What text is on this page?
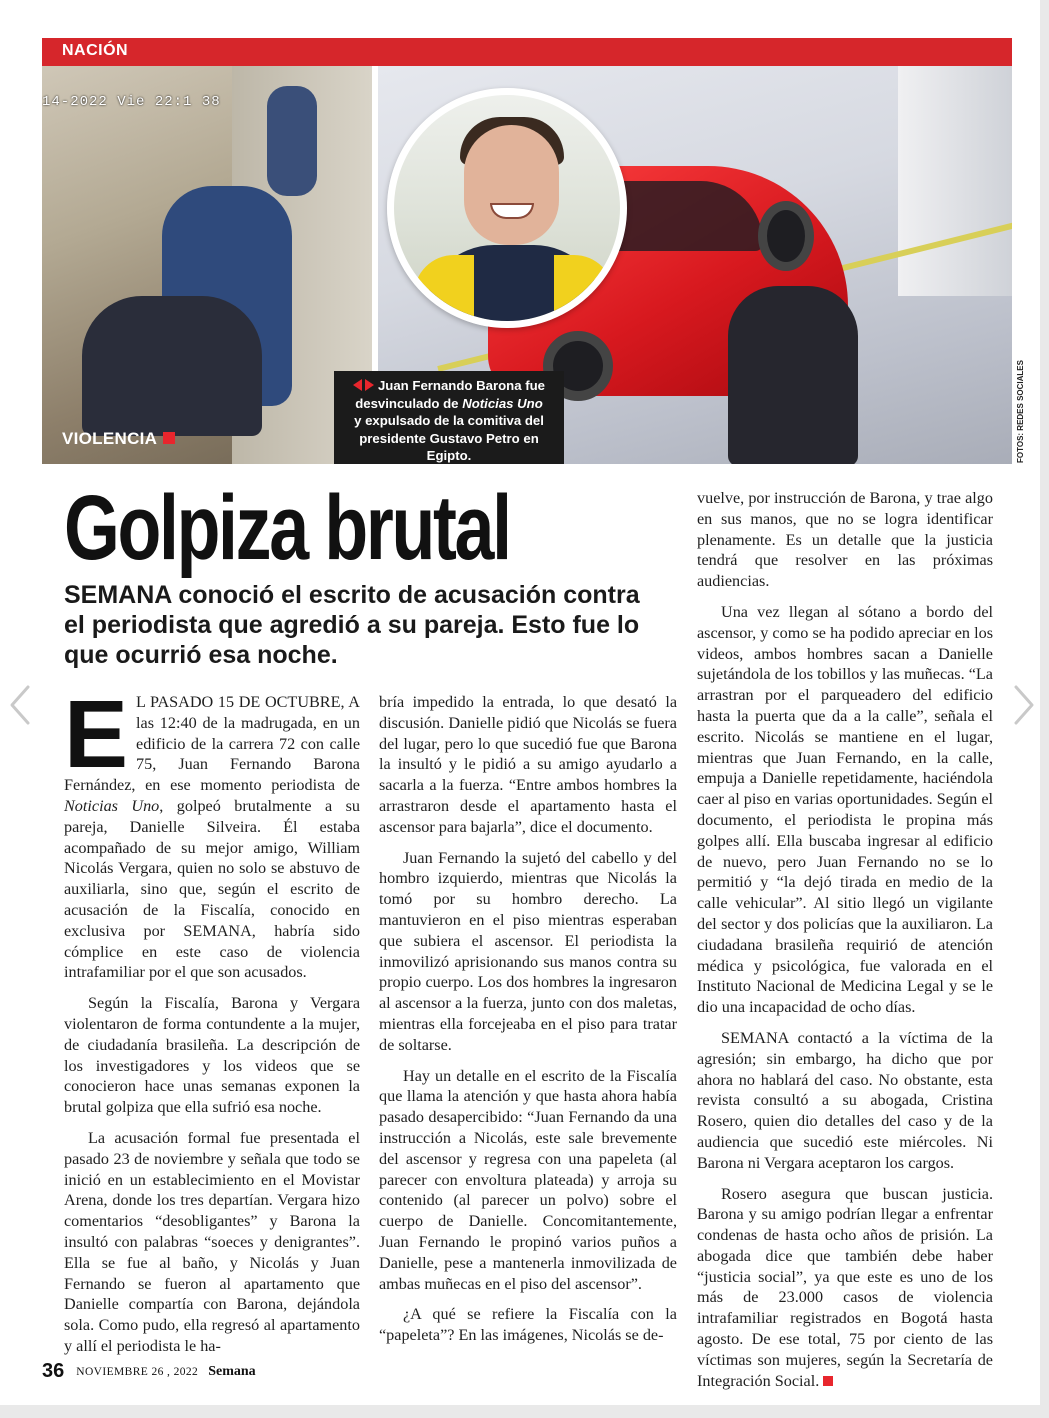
NACIÓN
14-2022 Vie 22:1 38
Juan Fernando Barona fue
desvinculado de Noticias Uno
y expulsado de la comitiva del
presidente Gustavo Petro en Egipto.
VIOLENCIA	FOTOS: REDES SOCIALES
Golpiza brutal
SEMANA conoció el escrito de acusación contra el periodista que agredió a su pareja. Esto fue lo que ocurrió esa noche.

E L PASADO 15 DE OCTUBRE, A las 12:40 de la madrugada, en un edificio de la carrera 72 con calle 75, Juan Fernando Barona Fernández, en ese momento periodista de Noticias Uno, golpeó brutalmente a su pareja, Danielle Silveira. Él estaba acompañado de su mejor amigo, William Nicolás Vergara, quien no solo se abstuvo de auxiliarla, sino que, según el escrito de acusación de la Fiscalía, conocido en exclusiva por SEMANA, habría sido cómplice en este caso de violencia intrafamiliar por el que son acusados.

Según la Fiscalía, Barona y Vergara violentaron de forma contundente a la mujer, de ciudadanía brasileña. La descripción de los investigadores y los videos que se conocieron hace unas semanas exponen la brutal golpiza que ella sufrió esa noche.

La acusación formal fue presentada el pasado 23 de noviembre y señala que todo se inició en un establecimiento en el Movistar Arena, donde los tres departían. Vergara hizo comentarios “desobligantes” y Barona la insultó con palabras “soeces y denigrantes”. Ella se fue al baño, y Nicolás y Juan Fernando se fueron al apartamento que Danielle compartía con Barona, dejándola sola. Como pudo, ella regresó al apartamento y allí el periodista le ha-

bría impedido la entrada, lo que desató la discusión. Danielle pidió que Nicolás se fuera del lugar, pero lo que sucedió fue que Barona la insultó y le pidió a su amigo ayudarlo a sacarla a la fuerza. “Entre ambos hombres la arrastraron desde el apartamento hasta el ascensor para bajarla”, dice el documento.

Juan Fernando la sujetó del cabello y del hombro izquierdo, mientras que Nicolás la tomó por su hombro derecho. La mantuvieron en el piso mientras esperaban que subiera el ascensor. El periodista la inmovilizó aprisionando sus manos contra su propio cuerpo. Los dos hombres la ingresaron al ascensor a la fuerza, junto con dos maletas, mientras ella forcejeaba en el piso para tratar de soltarse.

Hay un detalle en el escrito de la Fiscalía que llama la atención y que hasta ahora había pasado desapercibido: “Juan Fernando da una instrucción a Nicolás, este sale brevemente del ascensor y regresa con una papeleta (al parecer con envoltura plateada) y arroja su contenido (al parecer un polvo) sobre el cuerpo de Danielle. Concomitantemente, Juan Fernando le propinó varios puños a Danielle, pese a mantenerla inmovilizada de ambas muñecas en el piso del ascensor”.

¿A qué se refiere la Fiscalía con la “papeleta”? En las imágenes, Nicolás se de-

vuelve, por instrucción de Barona, y trae algo en sus manos, que no se logra identificar plenamente. Es un detalle que la justicia tendrá que resolver en las próximas audiencias.

Una vez llegan al sótano a bordo del ascensor, y como se ha podido apreciar en los videos, ambos hombres sacan a Danielle sujetándola de los tobillos y las muñecas. “La arrastran por el parqueadero del edificio hasta la puerta que da a la calle”, señala el escrito. Nicolás se mantiene en el lugar, mientras que Juan Fernando, en la calle, empuja a Danielle repetidamente, haciéndola caer al piso en varias oportunidades. Según el documento, el periodista le propina más golpes allí. Ella buscaba ingresar al edificio de nuevo, pero Juan Fernando no se lo permitió y “la dejó tirada en medio de la calle vehicular”. Al sitio llegó un vigilante del sector y dos policías que la auxiliaron. La ciudadana brasileña requirió de atención médica y psicológica, fue valorada en el Instituto Nacional de Medicina Legal y se le dio una incapacidad de ocho días.

SEMANA contactó a la víctima de la agresión; sin embargo, ha dicho que por ahora no hablará del caso. No obstante, esta revista consultó a su abogada, Cristina Rosero, quien dio detalles del caso y de la audiencia que sucedió este miércoles. Ni Barona ni Vergara aceptaron los cargos.

Rosero asegura que buscan justicia. Barona y su amigo podrían llegar a enfrentar condenas de hasta ocho años de prisión. La abogada dice que también debe haber “justicia social”, ya que este es uno de los más de 23.000 casos de violencia intrafamiliar registrados en Bogotá hasta agosto. De ese total, 75 por ciento de las víctimas son mujeres, según la Secretaría de Integración Social.

36 NOVIEMBRE 26 , 2022 Semana
